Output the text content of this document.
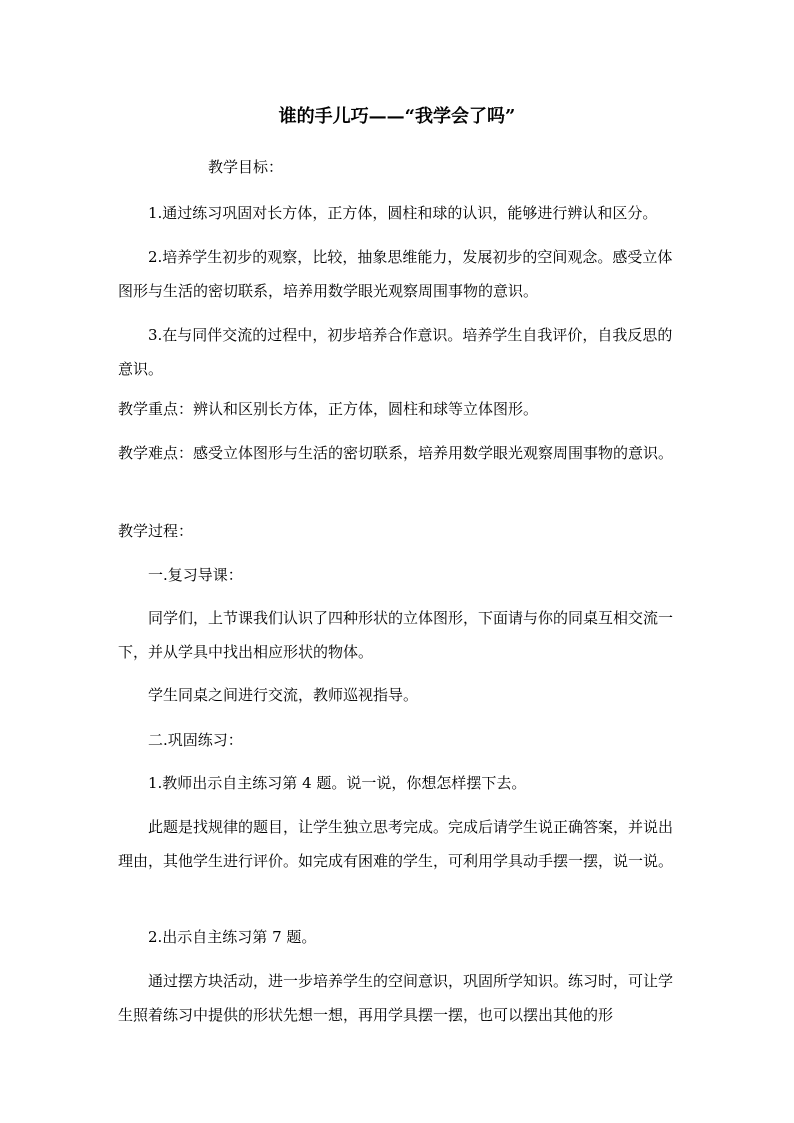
谁的手儿巧——“我学会了吗”

教学目标：

1.通过练习巩固对长方体，正方体，圆柱和球的认识，能够进行辨认和区分。

2.培养学生初步的观察，比较，抽象思维能力，发展初步的空间观念。感受立体图形与生活的密切联系，培养用数学眼光观察周围事物的意识。

3.在与同伴交流的过程中，初步培养合作意识。培养学生自我评价，自我反思的意识。

教学重点：辨认和区别长方体，正方体，圆柱和球等立体图形。

教学难点：感受立体图形与生活的密切联系，培养用数学眼光观察周围事物的意识。

教学过程：

一.复习导课：

同学们，上节课我们认识了四种形状的立体图形，下面请与你的同桌互相交流一下，并从学具中找出相应形状的物体。

学生同桌之间进行交流，教师巡视指导。

二.巩固练习：

1.教师出示自主练习第 4 题。说一说，你想怎样摆下去。

此题是找规律的题目，让学生独立思考完成。完成后请学生说正确答案，并说出理由，其他学生进行评价。如完成有困难的学生，可利用学具动手摆一摆，说一说。

2.出示自主练习第 7 题。

通过摆方块活动，进一步培养学生的空间意识，巩固所学知识。练习时，可让学生照着练习中提供的形状先想一想，再用学具摆一摆，也可以摆出其他的形
